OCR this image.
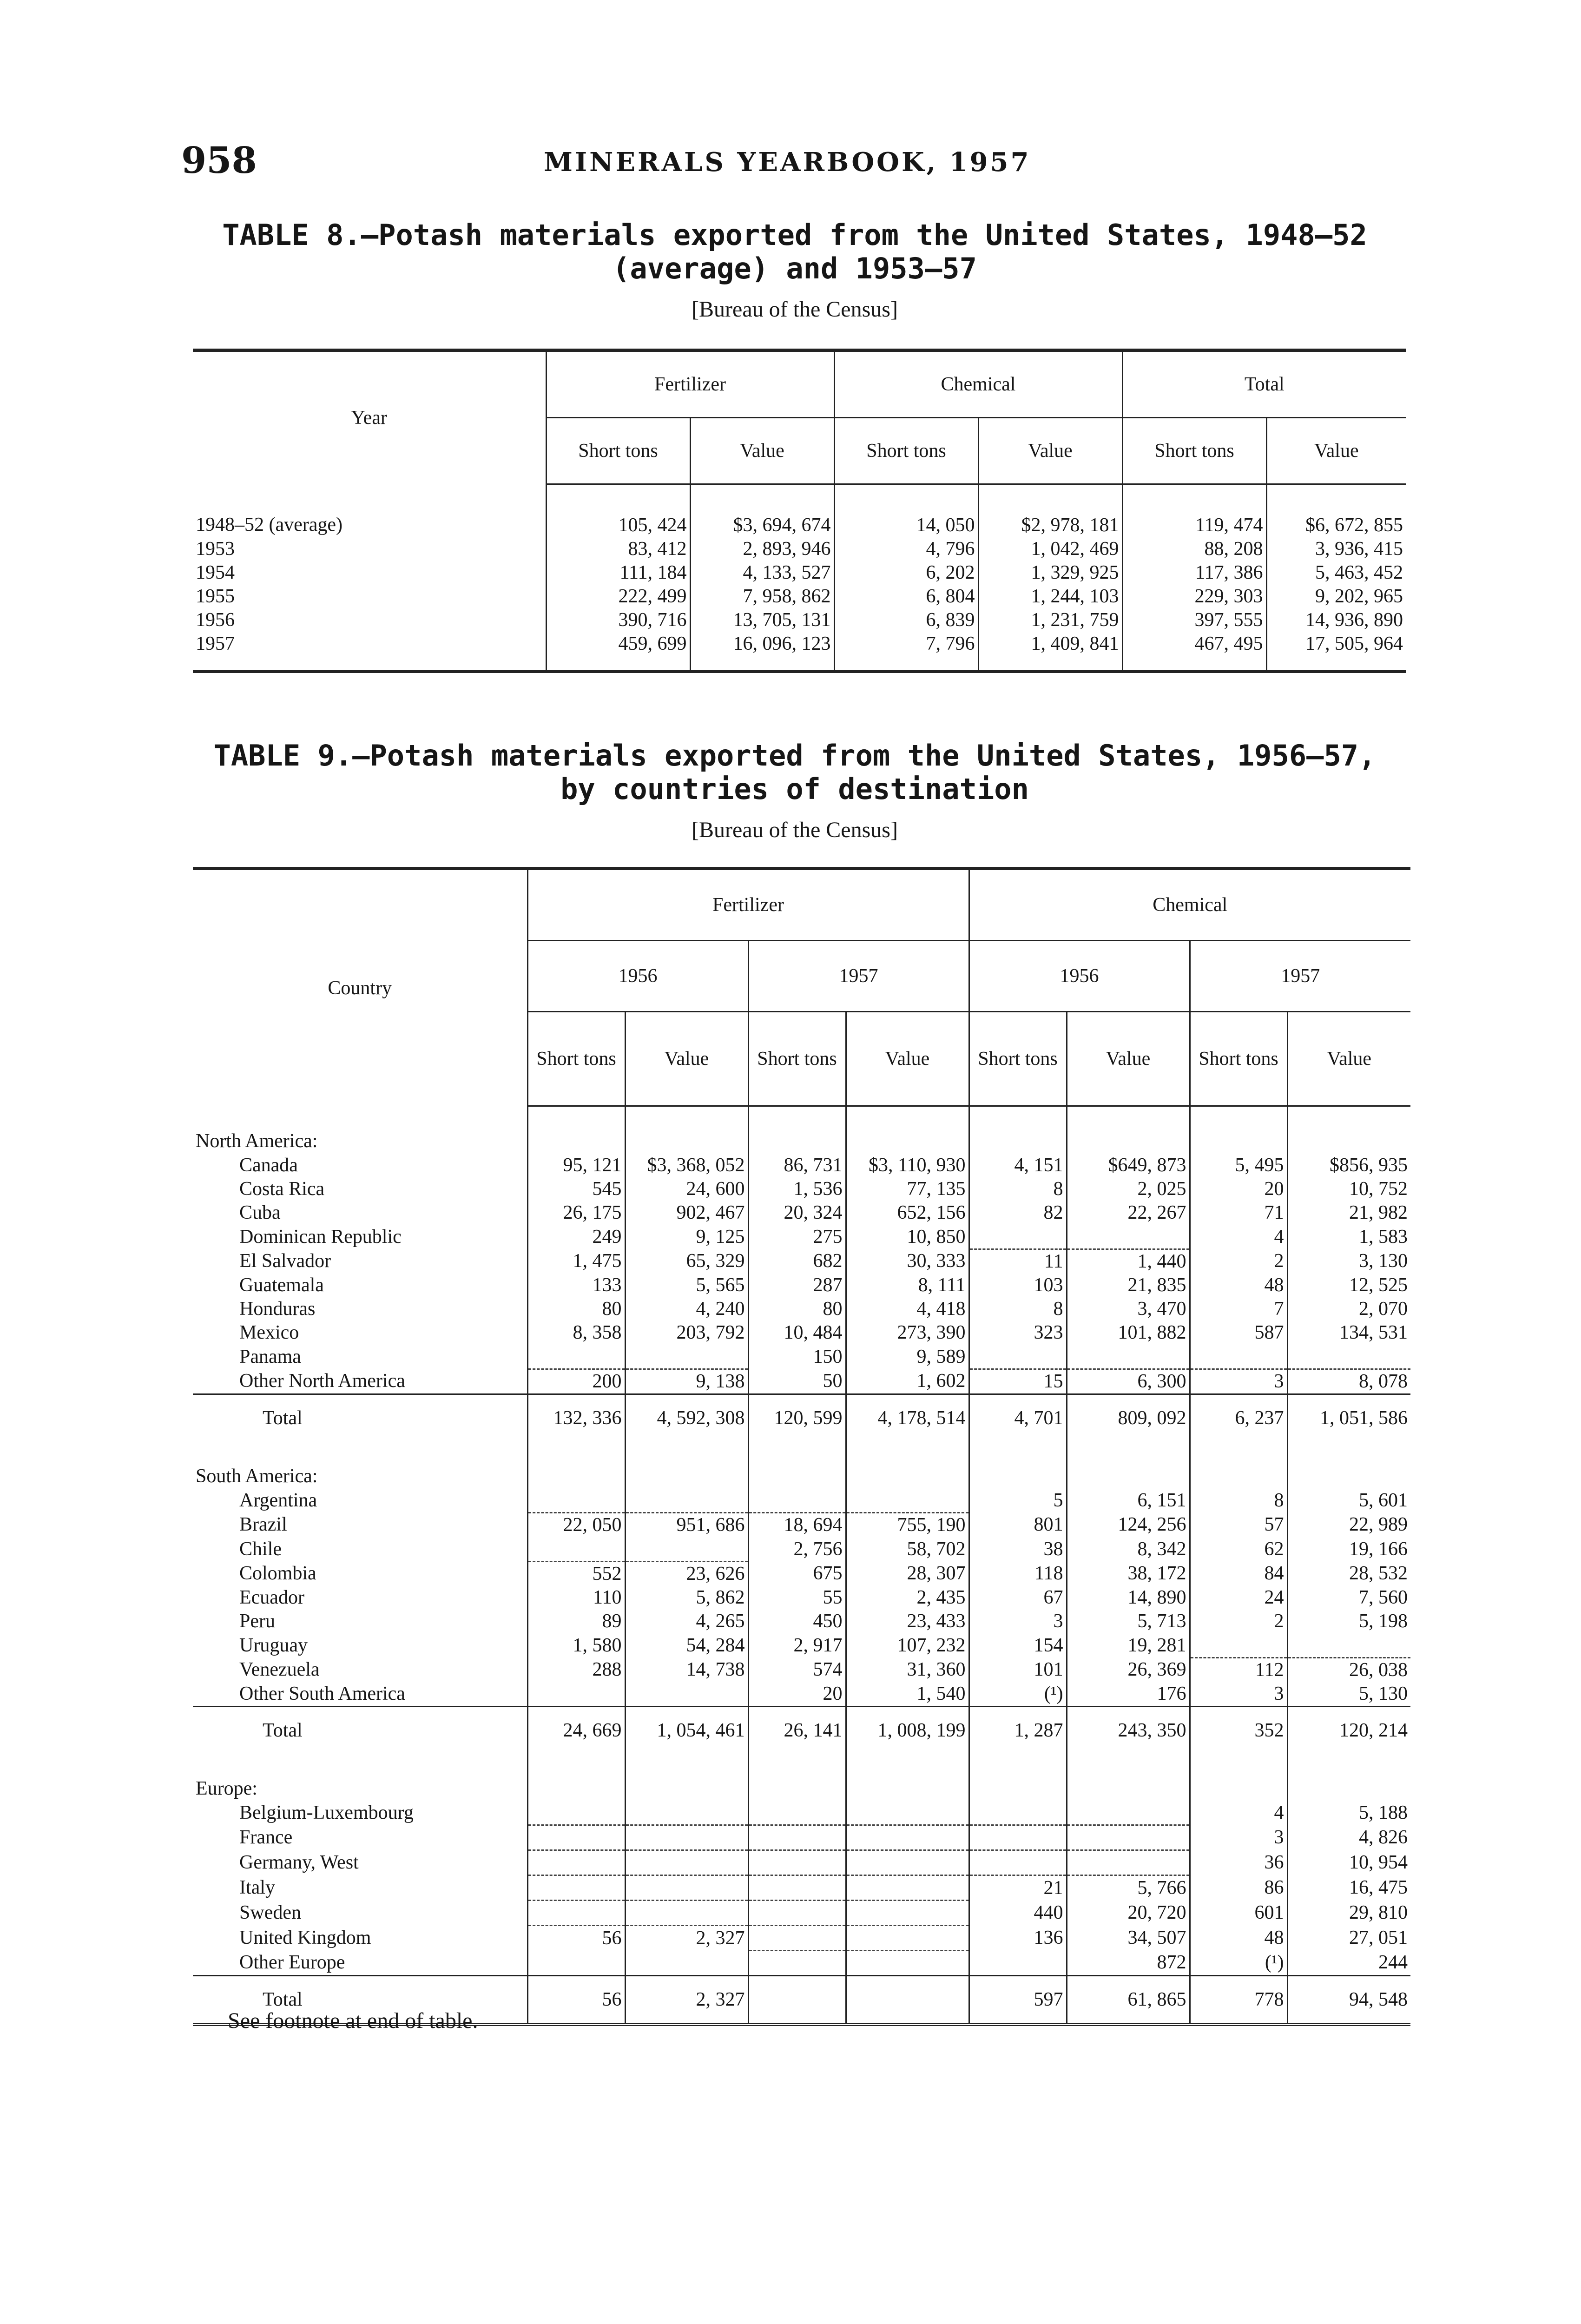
958	MINERALS YEARBOOK, 1957
TABLE 8.—Potash materials exported from the United States, 1948–52
(average) and 1953–57
[Bureau of the Census]
Year	Fertilizer		Chemical		Total	
	Short tons	Value	Short tons	Value	Short tons	Value
1948–52 (average)	105, 424	$3, 694, 674	14, 050	$2, 978, 181	119, 474	$6, 672, 855
1953	83, 412	2, 893, 946	4, 796	1, 042, 469	88, 208	3, 936, 415
1954	111, 184	4, 133, 527	6, 202	1, 329, 925	117, 386	5, 463, 452
1955	222, 499	7, 958, 862	6, 804	1, 244, 103	229, 303	9, 202, 965
1956	390, 716	13, 705, 131	6, 839	1, 231, 759	397, 555	14, 936, 890
1957	459, 699	16, 096, 123	7, 796	1, 409, 841	467, 495	17, 505, 964
TABLE 9.—Potash materials exported from the United States, 1956–57,
by countries of destination
[Bureau of the Census]
Country	Fertilizer				Chemical			
	1956		1957		1956		1957	
	Short tons	Value	Short tons	Value	Short tons	Value	Short tons	Value
North America:								
Canada	95, 121	$3, 368, 052	86, 731	$3, 110, 930	4, 151	$649, 873	5, 495	$856, 935
Costa Rica	545	24, 600	1, 536	77, 135	8	2, 025	20	10, 752
Cuba	26, 175	902, 467	20, 324	652, 156	82	22, 267	71	21, 982
Dominican Republic	249	9, 125	275	10, 850			4	1, 583
El Salvador	1, 475	65, 329	682	30, 333	11	1, 440	2	3, 130
Guatemala	133	5, 565	287	8, 111	103	21, 835	48	12, 525
Honduras	80	4, 240	80	4, 418	8	3, 470	7	2, 070
Mexico	8, 358	203, 792	10, 484	273, 390	323	101, 882	587	134, 531
Panama			150	9, 589				
Other North America	200	9, 138	50	1, 602	15	6, 300	3	8, 078
Total	132, 336	4, 592, 308	120, 599	4, 178, 514	4, 701	809, 092	6, 237	1, 051, 586
South America:								
Argentina					5	6, 151	8	5, 601
Brazil	22, 050	951, 686	18, 694	755, 190	801	124, 256	57	22, 989
Chile			2, 756	58, 702	38	8, 342	62	19, 166
Colombia	552	23, 626	675	28, 307	118	38, 172	84	28, 532
Ecuador	110	5, 862	55	2, 435	67	14, 890	24	7, 560
Peru	89	4, 265	450	23, 433	3	5, 713	2	5, 198
Uruguay	1, 580	54, 284	2, 917	107, 232	154	19, 281		
Venezuela	288	14, 738	574	31, 360	101	26, 369	112	26, 038
Other South America			20	1, 540	(¹)	176	3	5, 130
Total	24, 669	1, 054, 461	26, 141	1, 008, 199	1, 287	243, 350	352	120, 214
Europe:								
Belgium-Luxembourg							4	5, 188
France							3	4, 826
Germany, West							36	10, 954
Italy					21	5, 766	86	16, 475
Sweden					440	20, 720	601	29, 810
United Kingdom	56	2, 327			136	34, 507	48	27, 051
Other Europe						872	(¹)	244
Total	56	2, 327			597	61, 865	778	94, 548
See footnote at end of table.
